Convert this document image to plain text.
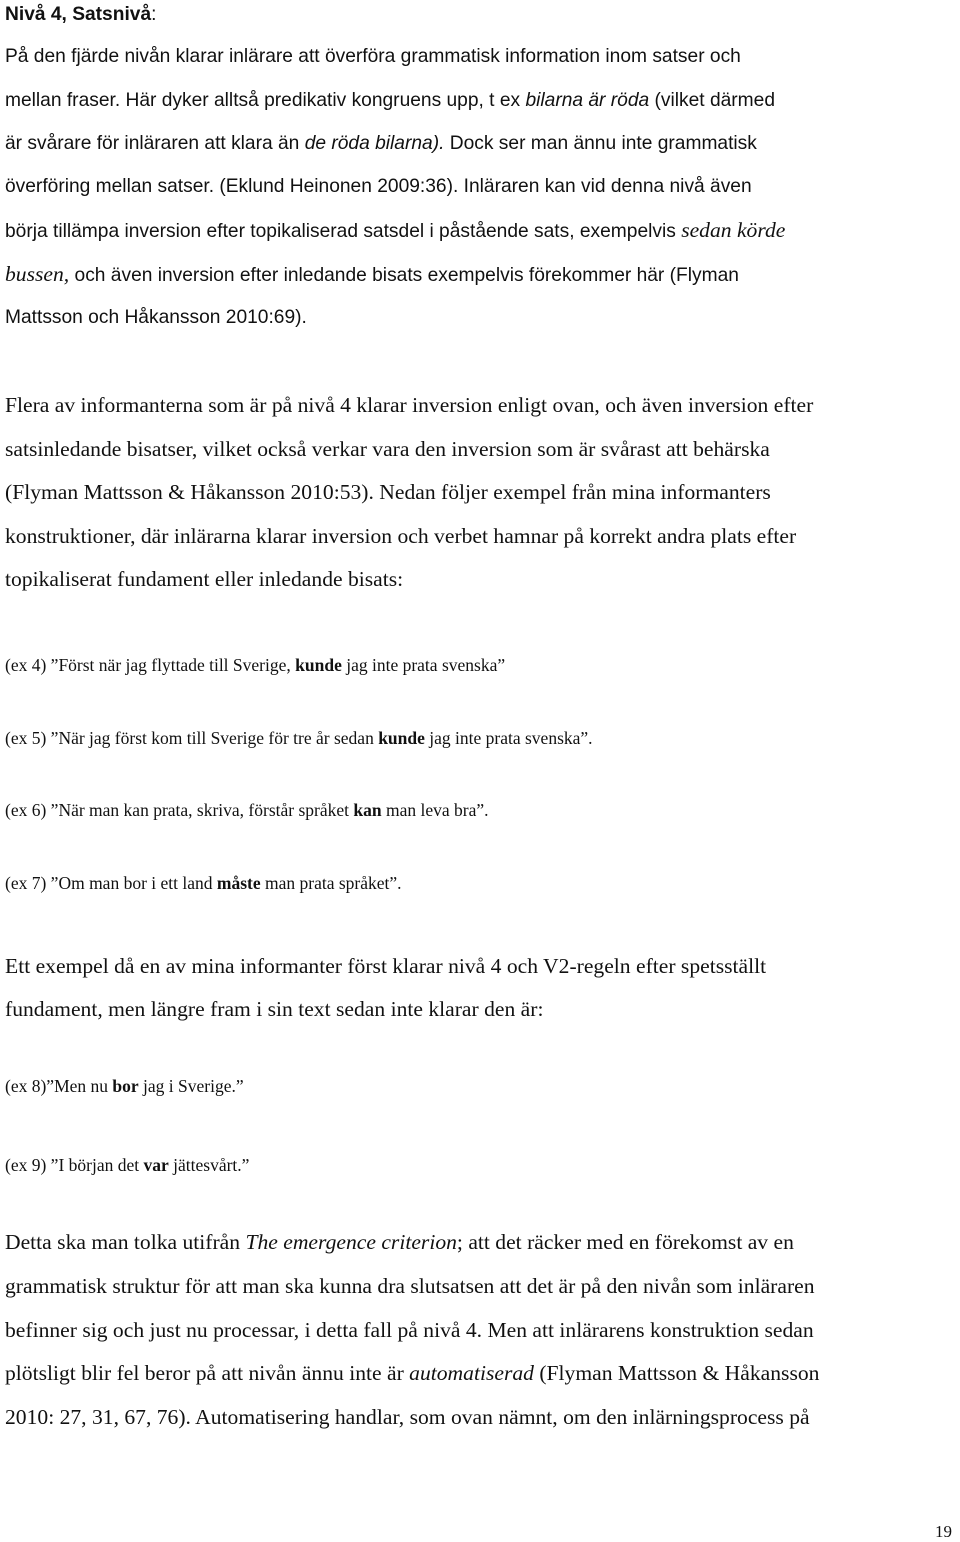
Nivå 4, Satsnivå:
På den fjärde nivån klarar inlärare att överföra grammatisk information inom satser och
mellan fraser. Här dyker alltså predikativ kongruens upp, t ex bilarna är röda (vilket därmed
är svårare för inläraren att klara än de röda bilarna). Dock ser man ännu inte grammatisk
överföring mellan satser. (Eklund Heinonen 2009:36). Inläraren kan vid denna nivå även
börja tillämpa inversion efter topikaliserad satsdel i påstående sats, exempelvis sedan körde
bussen, och även inversion efter inledande bisats exempelvis förekommer här (Flyman
Mattsson och Håkansson 2010:69).
Flera av informanterna som är på nivå 4 klarar inversion enligt ovan, och även inversion efter
satsinledande bisatser, vilket också verkar vara den inversion som är svårast att behärska
(Flyman Mattsson & Håkansson 2010:53). Nedan följer exempel från mina informanters
konstruktioner, där inlärarna klarar inversion och verbet hamnar på korrekt andra plats efter
topikaliserat fundament eller inledande bisats:
(ex 4) ”Först när jag flyttade till Sverige, kunde jag inte prata svenska”
(ex 5) ”När jag först kom till Sverige för tre år sedan kunde jag inte prata svenska”.
(ex 6) ”När man kan prata, skriva, förstår språket kan man leva bra”.
(ex 7) ”Om man bor i ett land måste man prata språket”.
Ett exempel då en av mina informanter först klarar nivå 4 och V2-regeln efter spetsställt
fundament, men längre fram i sin text sedan inte klarar den är:
(ex 8)”Men nu bor jag i Sverige.”
(ex 9) ”I början det var jättesvårt.”
Detta ska man tolka utifrån The emergence criterion; att det räcker med en förekomst av en
grammatisk struktur för att man ska kunna dra slutsatsen att det är på den nivån som inläraren
befinner sig och just nu processar, i detta fall på nivå 4. Men att inlärarens konstruktion sedan
plötsligt blir fel beror på att nivån ännu inte är automatiserad (Flyman Mattsson & Håkansson
2010: 27, 31, 67, 76). Automatisering handlar, som ovan nämnt, om den inlärningsprocess på
19
